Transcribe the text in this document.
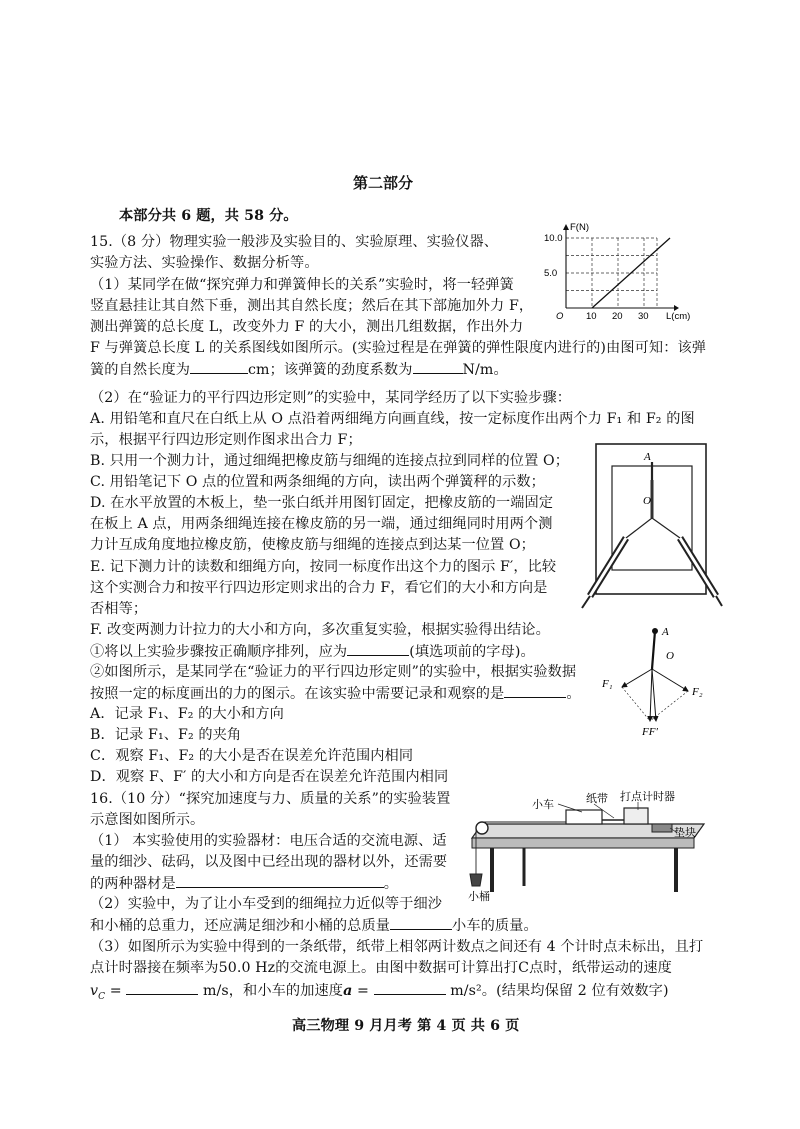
第二部分
本部分共 6 题，共 58 分。
15.（8 分）物理实验一般涉及实验目的、实验原理、实验仪器、
实验方法、实验操作、数据分析等。
（1）某同学在做“探究弹力和弹簧伸长的关系”实验时，将一轻弹簧
竖直悬挂让其自然下垂，测出其自然长度；然后在其下部施加外力 F，
测出弹簧的总长度 L，改变外力 F 的大小，测出几组数据，作出外力
F 与弹簧总长度 L 的关系图线如图所示。(实验过程是在弹簧的弹性限度内进行的)由图可知：该弹
簧的自然长度为	cm；该弹簧的劲度系数为	N/m。
10 20 30
5.0
10.0
O
F(N)
L(cm)
（2）在“验证力的平行四边形定则”的实验中，某同学经历了以下实验步骤：
A. 用铅笔和直尺在白纸上从 O 点沿着两细绳方向画直线，按一定标度作出两个力 F₁ 和 F₂ 的图
示，根据平行四边形定则作图求出合力 F；
B. 只用一个测力计，通过细绳把橡皮筋与细绳的连接点拉到同样的位置 O；
C. 用铅笔记下 O 点的位置和两条细绳的方向，读出两个弹簧秤的示数；
D. 在水平放置的木板上，垫一张白纸并用图钉固定，把橡皮筋的一端固定
在板上 A 点，用两条细绳连接在橡皮筋的另一端，通过细绳同时用两个测
力计互成角度地拉橡皮筋，使橡皮筋与细绳的连接点到达某一位置 O；
E. 记下测力计的读数和细绳方向，按同一标度作出这个力的图示 F′，比较
这个实测合力和按平行四边形定则求出的合力 F，看它们的大小和方向是
否相等；
F. 改变两测力计拉力的大小和方向，多次重复实验，根据实验得出结论。
①将以上实验步骤按正确顺序排列，应为	(填选项前的字母)。
②如图所示，是某同学在“验证力的平行四边形定则”的实验中，根据实验数据
按照一定的标度画出的力的图示。在该实验中需要记录和观察的是	。
A．记录 F₁、F₂ 的大小和方向
B．记录 F₁、F₂ 的夹角
C．观察 F₁、F₂ 的大小是否在误差允许范围内相同
D．观察 F、F′ 的大小和方向是否在误差允许范围内相同
A
O
A
O
F₁
F₂
FF′
16.（10 分）“探究加速度与力、质量的关系”的实验装置
示意图如图所示。
（1） 本实验使用的实验器材：电压合适的交流电源、适
量的细沙、砝码，以及图中已经出现的器材以外，还需要
的两种器材是	。
（2）实验中，为了让小车受到的细绳拉力近似等于细沙
和小桶的总重力，还应满足细沙和小桶的总质量	小车的质量。
（3）如图所示为实验中得到的一条纸带，纸带上相邻两计数点之间还有 4 个计时点未标出，且打
点计时器接在频率为50.0 Hz的交流电源上。由图中数据可计算出打C点时，纸带运动的速度
$v_C$ =	m/s，和小车的加速度a =	m/s²。(结果均保留 2 位有效数字)
小车	纸带 打点计时器
垫块
小桶
高三物理 9 月月考 第 4 页 共 6 页
